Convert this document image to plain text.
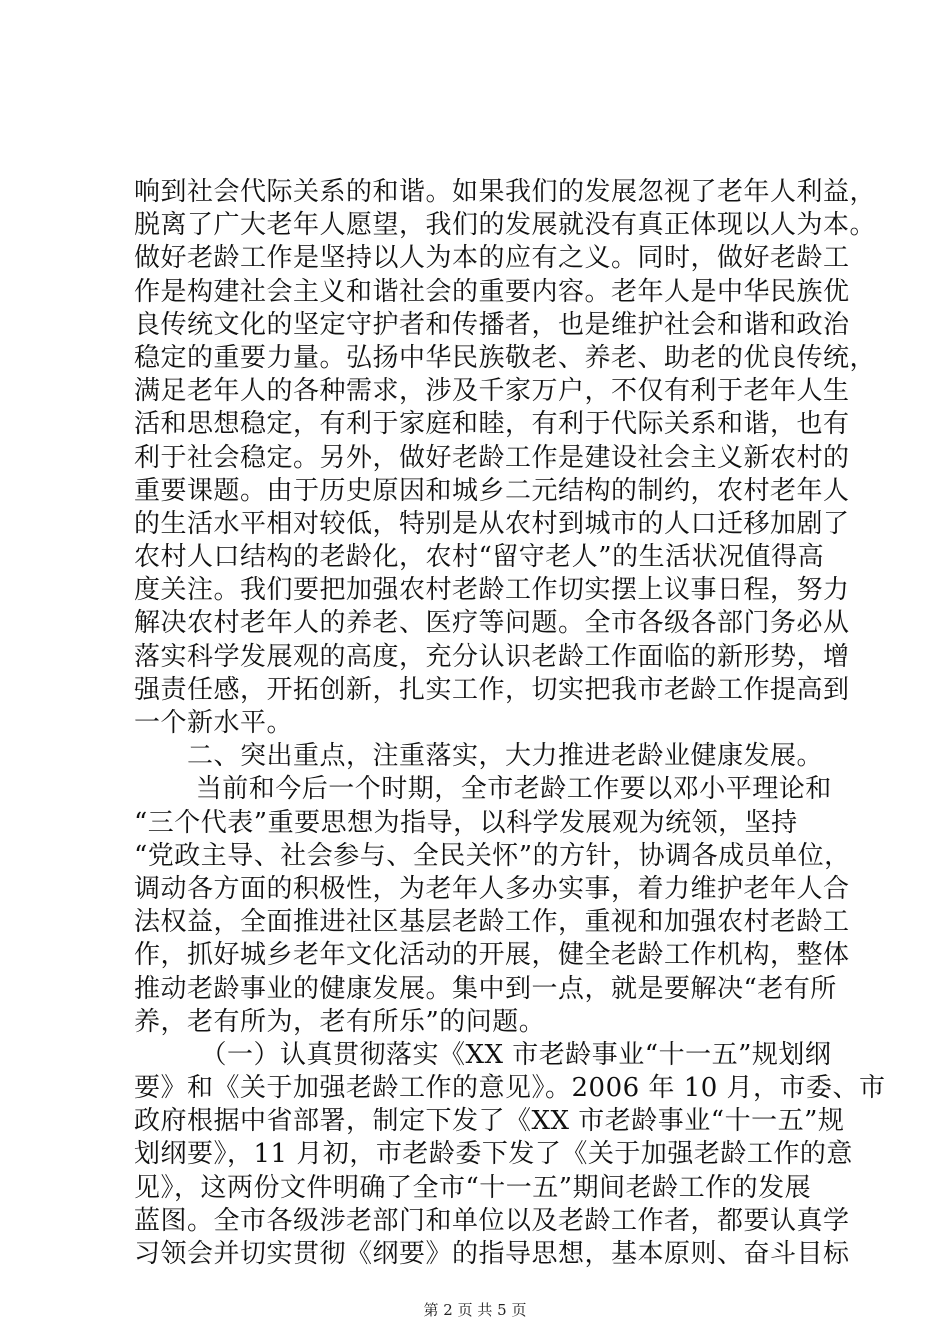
响到社会代际关系的和谐。如果我们的发展忽视了老年人利益，
脱离了广大老年人愿望，我们的发展就没有真正体现以人为本。
做好老龄工作是坚持以人为本的应有之义。同时，做好老龄工
作是构建社会主义和谐社会的重要内容。老年人是中华民族优
良传统文化的坚定守护者和传播者，也是维护社会和谐和政治
稳定的重要力量。弘扬中华民族敬老、养老、助老的优良传统，
满足老年人的各种需求，涉及千家万户，不仅有利于老年人生
活和思想稳定，有利于家庭和睦，有利于代际关系和谐，也有
利于社会稳定。另外，做好老龄工作是建设社会主义新农村的
重要课题。由于历史原因和城乡二元结构的制约，农村老年人
的生活水平相对较低，特别是从农村到城市的人口迁移加剧了
农村人口结构的老龄化，农村“留守老人”的生活状况值得高
度关注。我们要把加强农村老龄工作切实摆上议事日程，努力
解决农村老年人的养老、医疗等问题。全市各级各部门务必从
落实科学发展观的高度，充分认识老龄工作面临的新形势，增
强责任感，开拓创新，扎实工作，切实把我市老龄工作提高到
一个新水平。
　　二、突出重点，注重落实，大力推进老龄业健康发展。
　　 当前和今后一个时期，全市老龄工作要以邓小平理论和
“三个代表”重要思想为指导，以科学发展观为统领，坚持
“党政主导、社会参与、全民关怀”的方针，协调各成员单位，
调动各方面的积极性，为老年人多办实事，着力维护老年人合
法权益，全面推进社区基层老龄工作，重视和加强农村老龄工
作，抓好城乡老年文化活动的开展，健全老龄工作机构，整体
推动老龄事业的健康发展。集中到一点，就是要解决“老有所
养，老有所为，老有所乐”的问题。
　　　（一）认真贯彻落实《XX 市老龄事业“十一五”规划纲
要》和《关于加强老龄工作的意见》。2006 年 10 月，市委、市
政府根据中省部署，制定下发了《XX 市老龄事业“十一五”规
划纲要》，11 月初，市老龄委下发了《关于加强老龄工作的意
见》，这两份文件明确了全市“十一五”期间老龄工作的发展
蓝图。全市各级涉老部门和单位以及老龄工作者，都要认真学
习领会并切实贯彻《纲要》的指导思想，基本原则、奋斗目标
第 2 页 共 5 页
